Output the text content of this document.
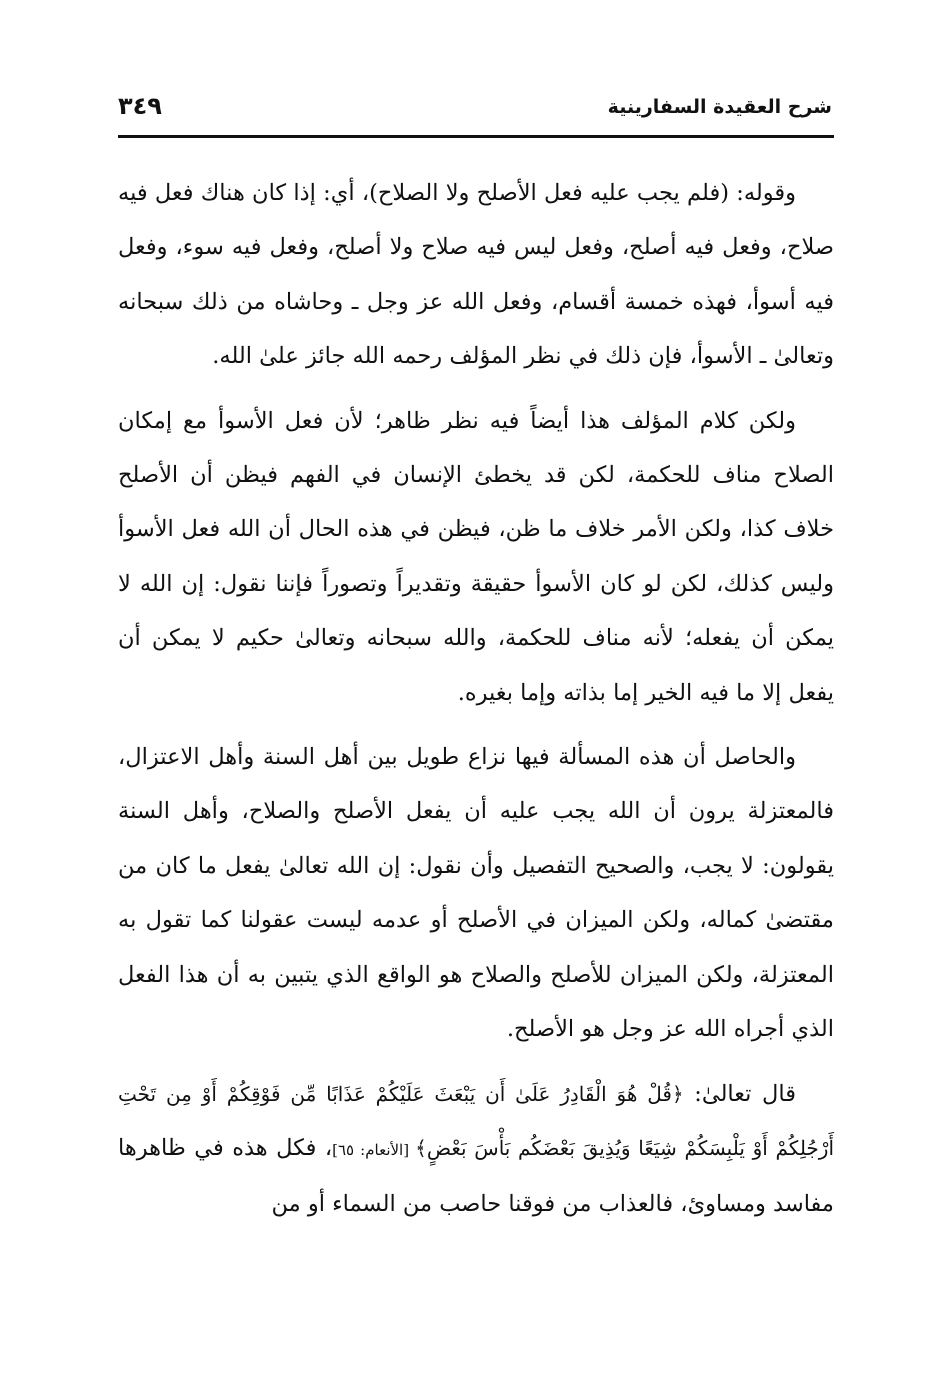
شرح العقيدة السفارينية
٣٤٩

وقوله: (فلم يجب عليه فعل الأصلح ولا الصلاح)، أي: إذا كان هناك فعل فيه صلاح، وفعل فيه أصلح، وفعل ليس فيه صلاح ولا أصلح، وفعل فيه سوء، وفعل فيه أسوأ، فهذه خمسة أقسام، وفعل الله عز وجل ـ وحاشاه من ذلك سبحانه وتعالىٰ ـ الأسوأ، فإن ذلك في نظر المؤلف رحمه الله جائز علىٰ الله.

ولكن كلام المؤلف هذا أيضاً فيه نظر ظاهر؛ لأن فعل الأسوأ مع إمكان الصلاح مناف للحكمة، لكن قد يخطئ الإنسان في الفهم فيظن أن الأصلح خلاف كذا، ولكن الأمر خلاف ما ظن، فيظن في هذه الحال أن الله فعل الأسوأ وليس كذلك، لكن لو كان الأسوأ حقيقة وتقديراً وتصوراً فإننا نقول: إن الله لا يمكن أن يفعله؛ لأنه مناف للحكمة، والله سبحانه وتعالىٰ حكيم لا يمكن أن يفعل إلا ما فيه الخير إما بذاته وإما بغيره.

والحاصل أن هذه المسألة فيها نزاع طويل بين أهل السنة وأهل الاعتزال، فالمعتزلة يرون أن الله يجب عليه أن يفعل الأصلح والصلاح، وأهل السنة يقولون: لا يجب، والصحيح التفصيل وأن نقول: إن الله تعالىٰ يفعل ما كان من مقتضىٰ كماله، ولكن الميزان في الأصلح أو عدمه ليست عقولنا كما تقول به المعتزلة، ولكن الميزان للأصلح والصلاح هو الواقع الذي يتبين به أن هذا الفعل الذي أجراه الله عز وجل هو الأصلح.

قال تعالىٰ: ﴿قُلْ هُوَ الْقَادِرُ عَلَىٰ أَن يَبْعَثَ عَلَيْكُمْ عَذَابًا مِّن فَوْقِكُمْ أَوْ مِن تَحْتِ أَرْجُلِكُمْ أَوْ يَلْبِسَكُمْ شِيَعًا وَيُذِيقَ بَعْضَكُم بَأْسَ بَعْضٍ﴾ [الأنعام: ٦٥]، فكل هذه في ظاهرها مفاسد ومساوئ، فالعذاب من فوقنا حاصب من السماء أو من
